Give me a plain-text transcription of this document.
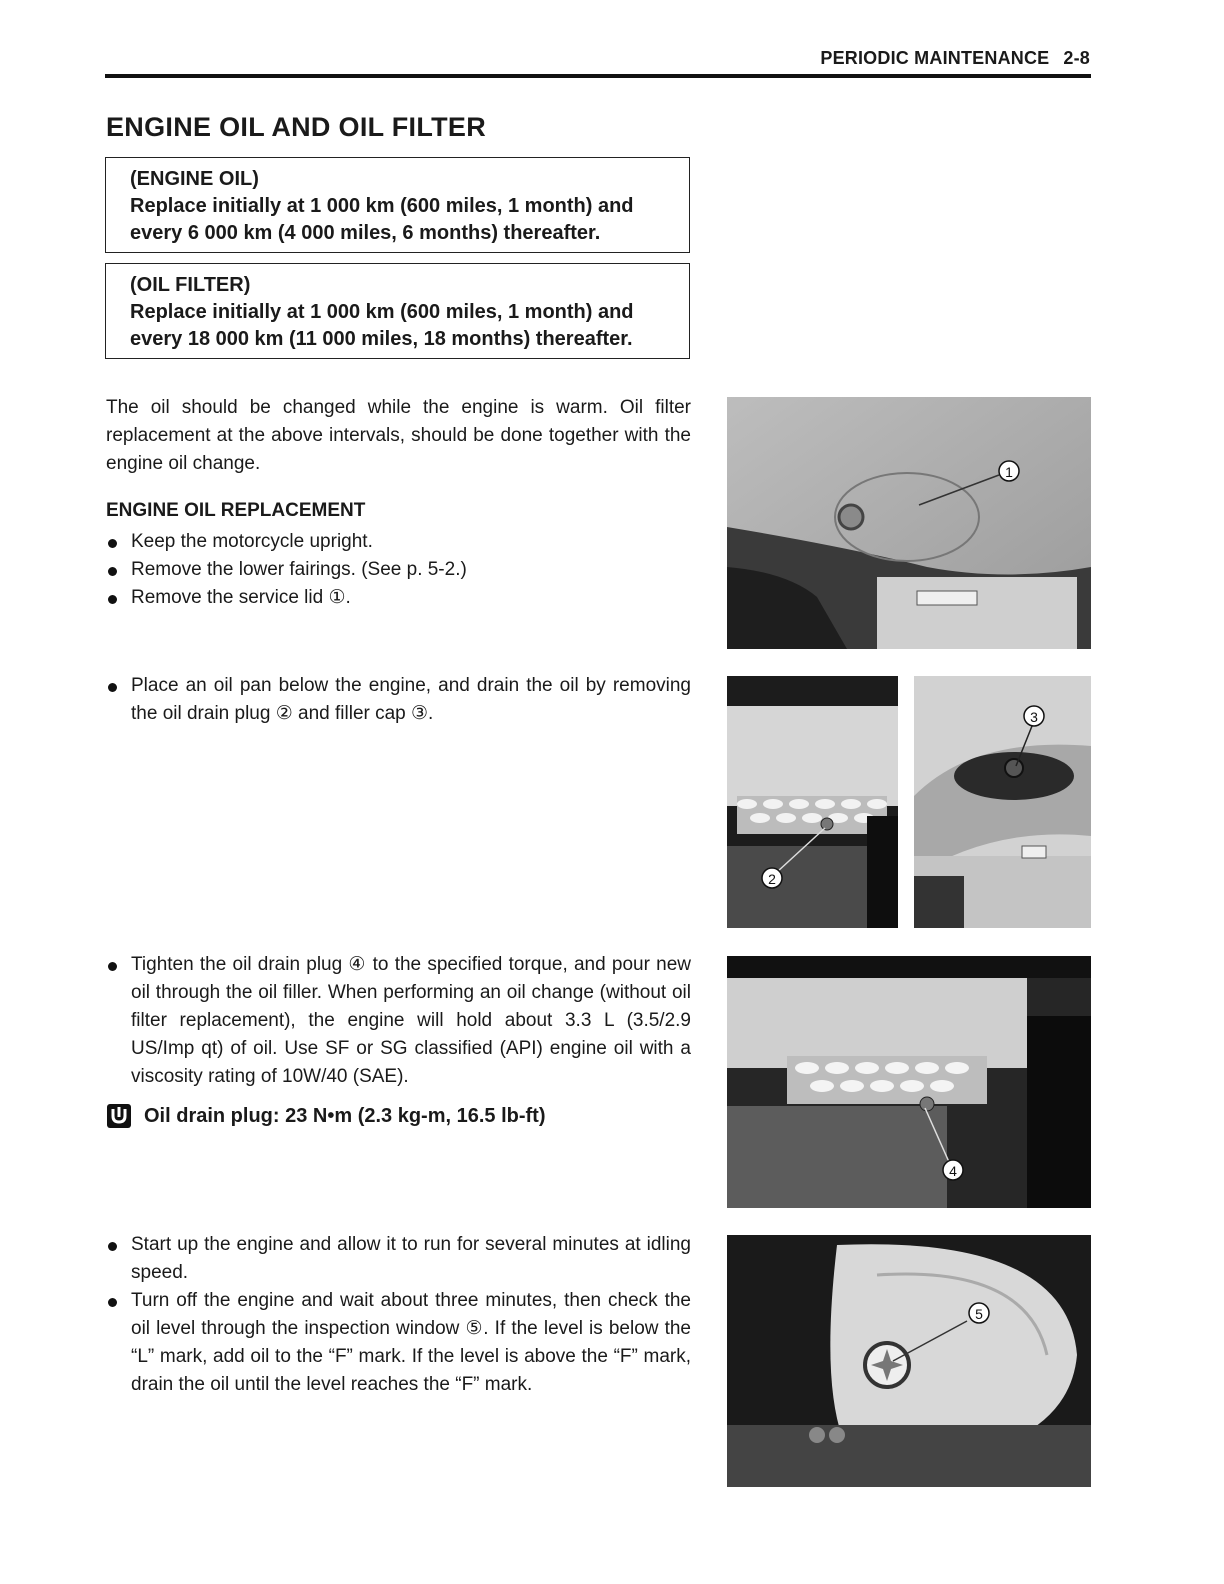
PERIODIC MAINTENANCE 2-8
ENGINE OIL AND OIL FILTER
(ENGINE OIL)
Replace initially at 1 000 km (600 miles, 1 month) and
every 6 000 km (4 000 miles, 6 months) thereafter.
(OIL FILTER)
Replace initially at 1 000 km (600 miles, 1 month) and
every 18 000 km (11 000 miles, 18 months) thereafter.
The oil should be changed while the engine is warm. Oil filter replacement at the above intervals, should be done together with the engine oil change.
ENGINE OIL REPLACEMENT
Keep the motorcycle upright.
Remove the lower fairings. (See p. 5-2.)
Remove the service lid ①.
Place an oil pan below the engine, and drain the oil by removing the oil drain plug ② and filler cap ③.
Tighten the oil drain plug ④ to the specified torque, and pour new oil through the oil filler. When performing an oil change (without oil filter replacement), the engine will hold about 3.3 L (3.5/2.9 US/Imp qt) of oil. Use SF or SG classified (API) engine oil with a viscosity rating of 10W/40 (SAE).
Oil drain plug: 23 N•m (2.3 kg-m, 16.5 lb-ft)
Start up the engine and allow it to run for several minutes at idling speed.
Turn off the engine and wait about three minutes, then check the oil level through the inspection window ⑤. If the level is below the “L” mark, add oil to the “F” mark. If the level is above the “F” mark, drain the oil until the level reaches the “F” mark.
1
2
3
4
5
